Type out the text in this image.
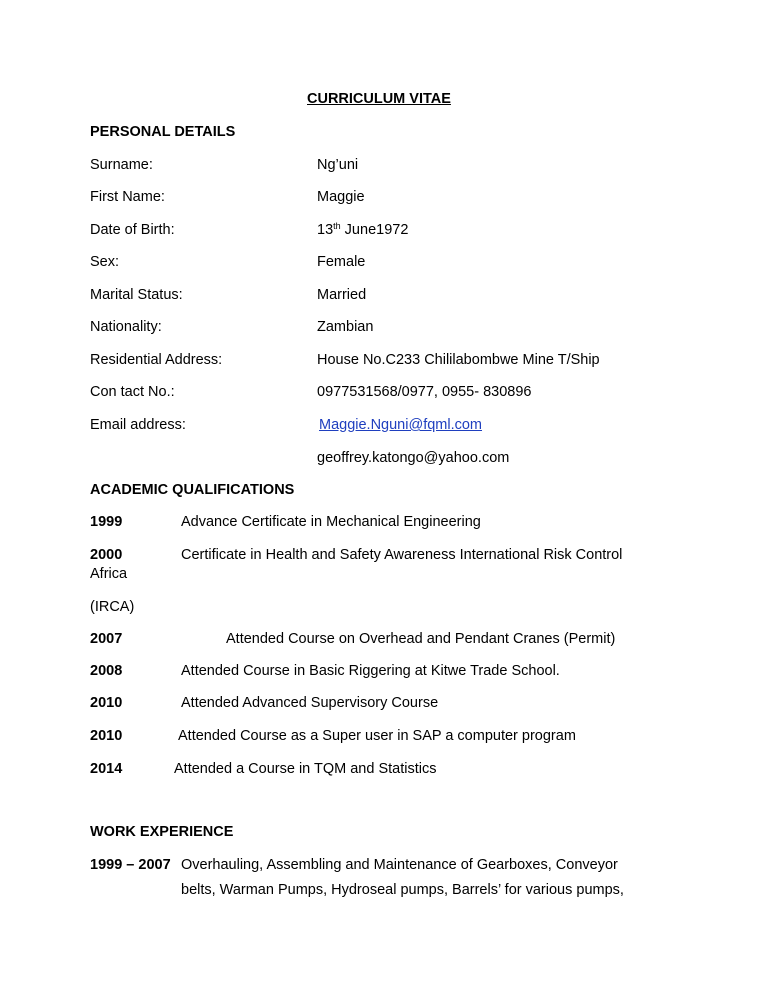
CURRICULUM VITAE
PERSONAL DETAILS
Surname:	Ng’uni
First Name:	Maggie
Date of Birth:	13th June1972
Sex:	Female
Marital Status:	Married
Nationality:	Zambian
Residential Address:	House No.C233 Chililabombwe Mine T/Ship
Con tact No.:	0977531568/0977, 0955- 830896
Email address:	Maggie.Nguni@fqml.com
geoffrey.katongo@yahoo.com
ACADEMIC QUALIFICATIONS
1999	Advance Certificate in Mechanical Engineering
2000	Certificate in Health and Safety Awareness International Risk Control
Africa
(IRCA)
2007	Attended Course on Overhead and Pendant Cranes (Permit)
2008	Attended Course in Basic Riggering at Kitwe Trade School.
2010	Attended Advanced Supervisory Course
2010	Attended Course as a Super user in SAP a computer program
2014	Attended a Course in TQM and Statistics
WORK EXPERIENCE
1999 – 2007 Overhauling, Assembling and Maintenance of Gearboxes, Conveyor
belts, Warman Pumps, Hydroseal pumps, Barrels’ for various pumps,
